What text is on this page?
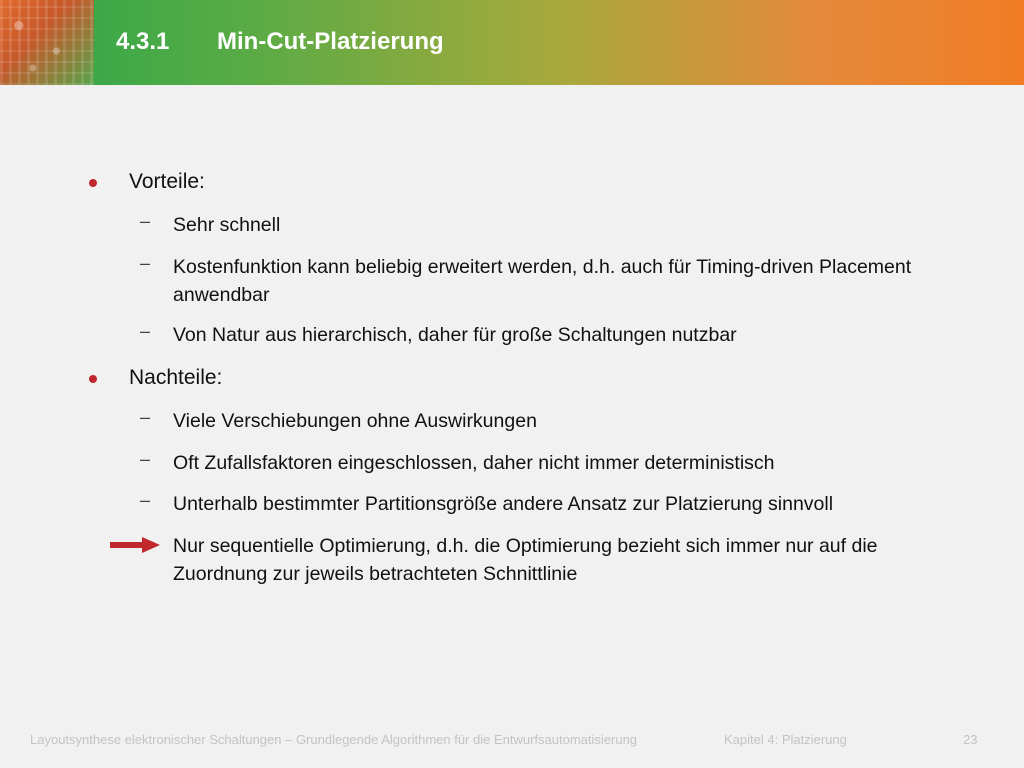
4.3.1 Min-Cut-Platzierung
Vorteile:
– Sehr schnell
– Kostenfunktion kann beliebig erweitert werden, d.h. auch für Timing-driven Placement anwendbar
– Von Natur aus hierarchisch, daher für große Schaltungen nutzbar
Nachteile:
– Viele Verschiebungen ohne Auswirkungen
– Oft Zufallsfaktoren eingeschlossen, daher nicht immer deterministisch
– Unterhalb bestimmter Partitionsgröße andere Ansatz zur Platzierung sinnvoll
Nur sequentielle Optimierung, d.h. die Optimierung bezieht sich immer nur auf die Zuordnung zur jeweils betrachteten Schnittlinie
Layoutsynthese elektronischer Schaltungen – Grundlegende Algorithmen für die Entwurfsautomatisierung	Kapitel 4: Platzierung	23
